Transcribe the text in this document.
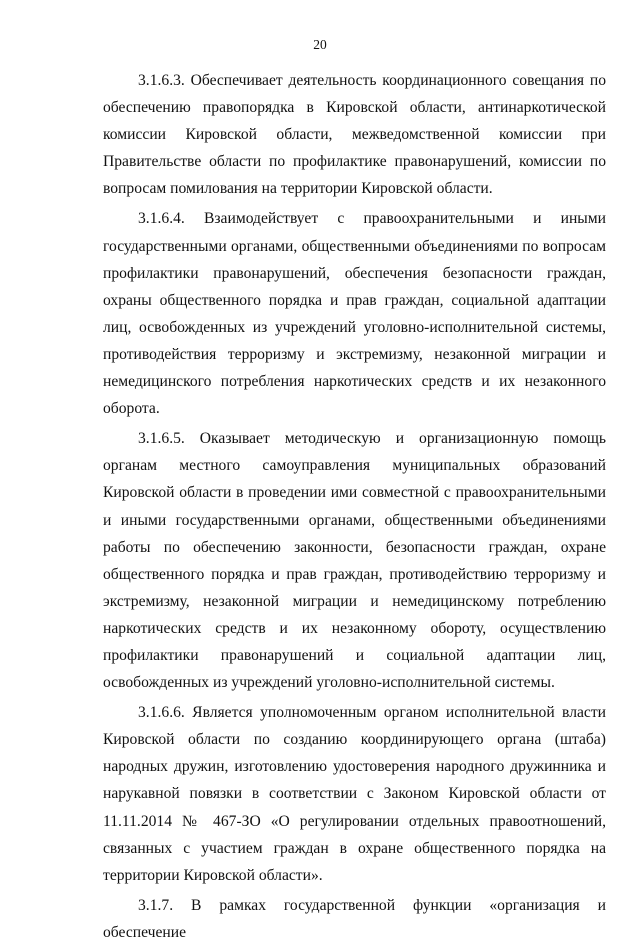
20

3.1.6.3. Обеспечивает деятельность координационного совещания по обеспечению правопорядка в Кировской области, антинаркотической комиссии Кировской области, межведомственной комиссии при Правительстве области по профилактике правонарушений, комиссии по вопросам помилования на территории Кировской области.

3.1.6.4. Взаимодействует с правоохранительными и иными государственными органами, общественными объединениями по вопросам профилактики правонарушений, обеспечения безопасности граждан, охраны общественного порядка и прав граждан, социальной адаптации лиц, освобожденных из учреждений уголовно-исполнительной системы, противодействия терроризму и экстремизму, незаконной миграции и немедицинского потребления наркотических средств и их незаконного оборота.

3.1.6.5. Оказывает методическую и организационную помощь органам местного самоуправления муниципальных образований Кировской области в проведении ими совместной с правоохранительными и иными государственными органами, общественными объединениями работы по обеспечению законности, безопасности граждан, охране общественного порядка и прав граждан, противодействию терроризму и экстремизму, незаконной миграции и немедицинскому потреблению наркотических средств и их незаконному обороту, осуществлению профилактики правонарушений и социальной адаптации лиц, освобожденных из учреждений уголовно-исполнительной системы.

3.1.6.6. Является уполномоченным органом исполнительной власти Кировской области по созданию координирующего органа (штаба) народных дружин, изготовлению удостоверения народного дружинника и нарукавной повязки в соответствии с Законом Кировской области от 11.11.2014 № 467-ЗО «О регулировании отдельных правоотношений, связанных с участием граждан в охране общественного порядка на территории Кировской области».

3.1.7. В рамках государственной функции «организация и обеспечение
